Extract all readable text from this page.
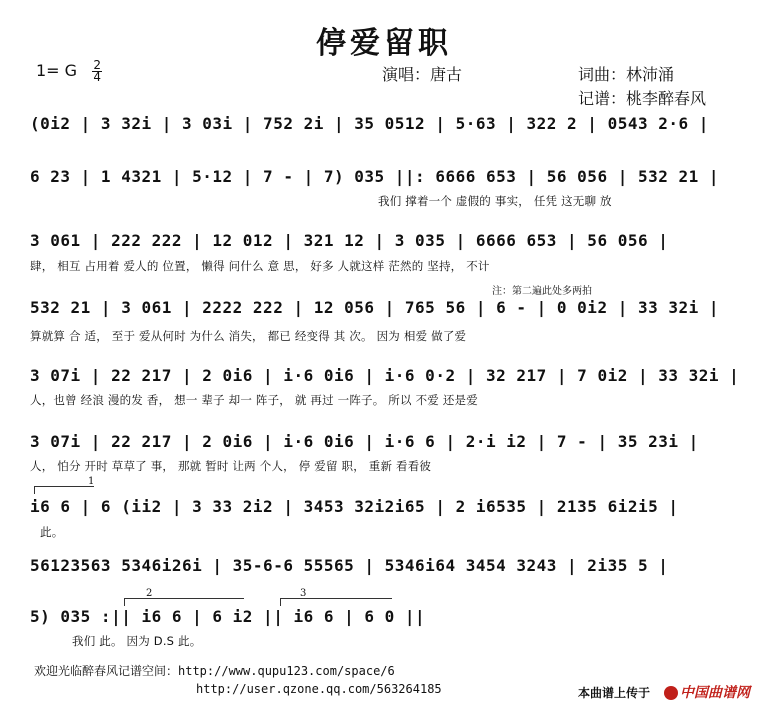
停爱留职
1= G $\frac{2}{4}$	演唱：唐古	词曲：林沛涌
记谱：桃李醉春风
(0i2 | 3 32i | 3 03i | 752 2i | 35 0512 | 5·63 | 322 2 | 0543 2·6 |
6 23 | 1 4321 | 5·12 | 7 - | 7) 035 ||: 6666 653 | 56 056 | 532 21 |
我们 撑着一个 虚假的 事实， 任凭 这无聊 放
3 061 | 222 222 | 12 012 | 321 12 | 3 035 | 6666 653 | 56 056 |
肆， 相互 占用着 爱人的 位置， 懒得 问什么 意 思， 好多 人就这样 茫然的 坚持， 不计
注：第二遍此处多两拍
532 21 | 3 061 | 2222 222 | 12 056 | 765 56 | 6 - | 0 0i2 | 33 32i |
算就算 合 适， 至于 爱从何时 为什么 消失， 都已 经变得 其 次。 因为 相爱 做了爱
3 07i | 22 217 | 2 0i6 | i·6 0i6 | i·6 0·2 | 32 217 | 7 0i2 | 33 32i |
人，也曾 经浪 漫的发 香， 想一 辈子 却一 阵子， 就 再过 一阵子。 所以 不爱 还是爱
3 07i | 22 217 | 2 0i6 | i·6 0i6 | i·6 6 | 2·i i2 | 7 - | 35 23i |
人， 怕分 开时 草草了 事， 那就 暂时 让两 个人， 停 爱留 职， 重新 看看彼
1
i6 6 | 6 (ii2 | 3 33 2i2 | 3453 32i2i65 | 2 i6535 | 2135 6i2i5 |
此。
56123563 5346i26i | 35-6-6 55565 | 5346i64 3454 3243 | 2i35 5 |
2	3
5) 035 :|| i6 6 | 6 i2 || i6 6 | 6 0 ||
我们 此。 因为 D.S 此。
欢迎光临醉春风记谱空间：http://www.qupu123.com/space/6
http://user.qzone.qq.com/563264185	本曲谱上传于	中国曲谱网
